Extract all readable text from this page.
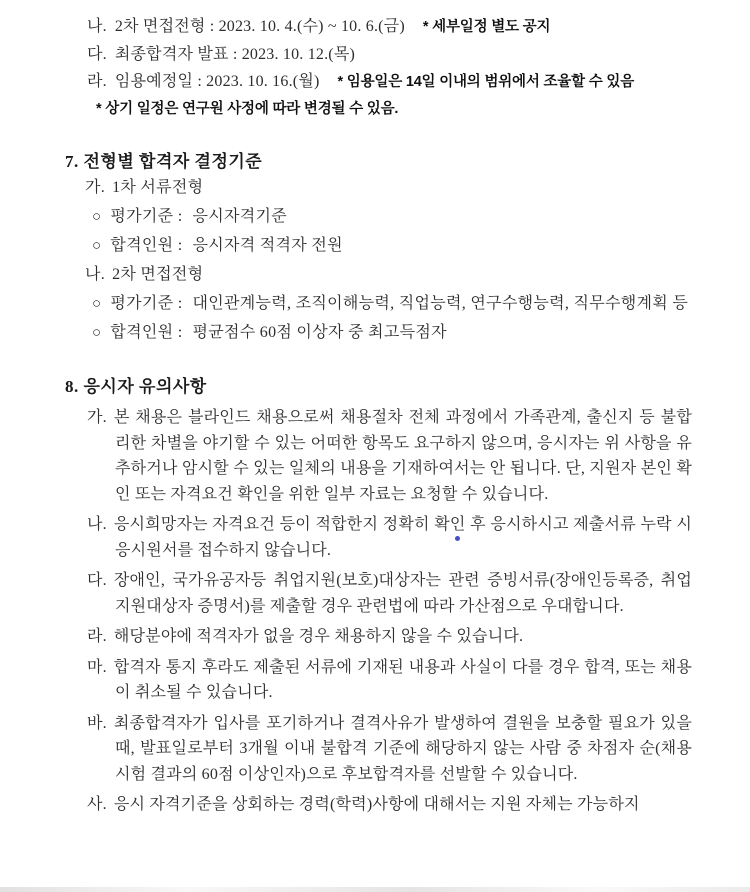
나. 2차 면접전형 : 2023. 10. 4.(수) ~ 10. 6.(금) * 세부일정 별도 공지
다. 최종합격자 발표 : 2023. 10. 12.(목)
라. 임용예정일 : 2023. 10. 16.(월) * 임용일은 14일 이내의 범위에서 조율할 수 있음
* 상기 일정은 연구원 사정에 따라 변경될 수 있음.
7. 전형별 합격자 결정기준
가. 1차 서류전형
○ 평가기준 : 응시자격기준
○ 합격인원 : 응시자격 적격자 전원
나. 2차 면접전형
○ 평가기준 : 대인관계능력, 조직이해능력, 직업능력, 연구수행능력, 직무수행계획 등
○ 합격인원 : 평균점수 60점 이상자 중 최고득점자
8. 응시자 유의사항
가. 본 채용은 블라인드 채용으로써 채용절차 전체 과정에서 가족관계, 출신지 등 불합리한 차별을 야기할 수 있는 어떠한 항목도 요구하지 않으며, 응시자는 위 사항을 유추하거나 암시할 수 있는 일체의 내용을 기재하여서는 안 됩니다. 단, 지원자 본인 확인 또는 자격요건 확인을 위한 일부 자료는 요청할 수 있습니다.
나. 응시희망자는 자격요건 등이 적합한지 정확히 확인 후 응시하시고 제출서류 누락 시 응시원서를 접수하지 않습니다.
다. 장애인, 국가유공자등 취업지원(보호)대상자는 관련 증빙서류(장애인등록증, 취업지원대상자 증명서)를 제출할 경우 관련법에 따라 가산점으로 우대합니다.
라. 해당분야에 적격자가 없을 경우 채용하지 않을 수 있습니다.
마. 합격자 통지 후라도 제출된 서류에 기재된 내용과 사실이 다를 경우 합격, 또는 채용이 취소될 수 있습니다.
바. 최종합격자가 입사를 포기하거나 결격사유가 발생하여 결원을 보충할 필요가 있을 때, 발표일로부터 3개월 이내 불합격 기준에 해당하지 않는 사람 중 차점자 순(채용시험 결과의 60점 이상인자)으로 후보합격자를 선발할 수 있습니다.
사. 응시 자격기준을 상회하는 경력(학력)사항에 대해서는 지원 자체는 가능하지
